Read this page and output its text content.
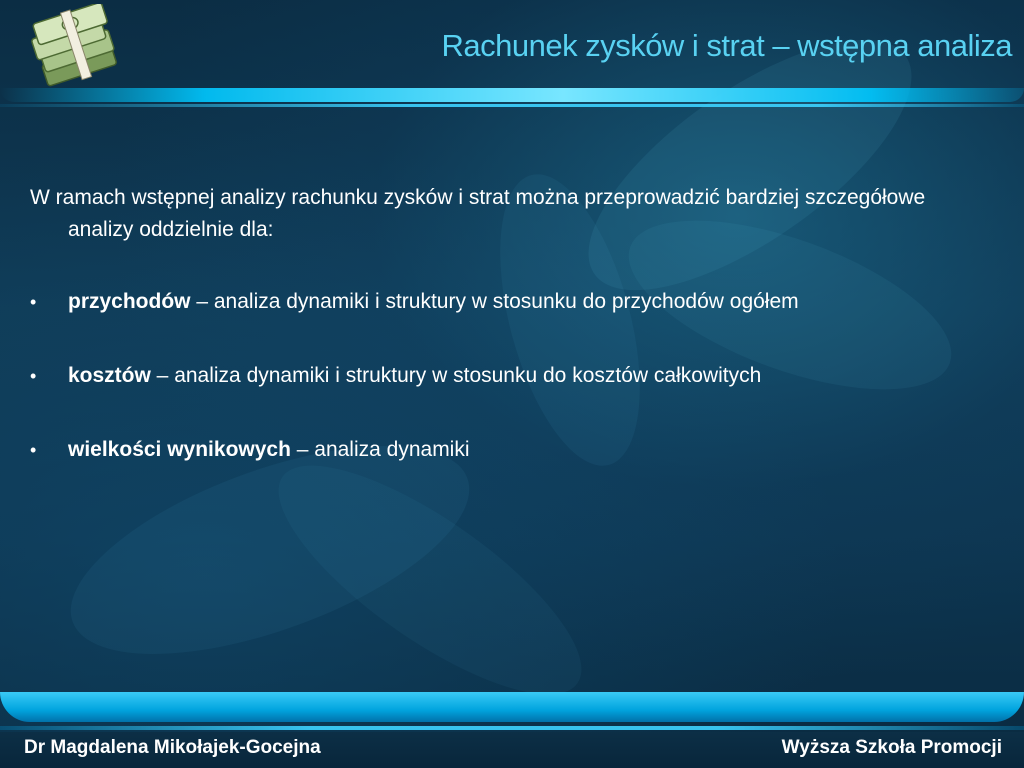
Rachunek zysków i strat – wstępna analiza

W ramach wstępnej analizy rachunku zysków i strat można przeprowadzić bardziej szczegółowe analizy oddzielnie dla:

• przychodów – analiza dynamiki i struktury w stosunku do przychodów ogółem
• kosztów – analiza dynamiki i struktury w stosunku do kosztów całkowitych
• wielkości wynikowych – analiza dynamiki
Dr Magdalena Mikołajek-Gocejna	Wyższa Szkoła Promocji
